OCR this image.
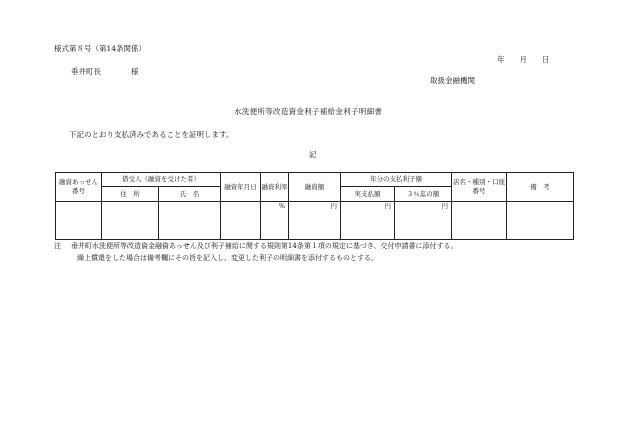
様式第８号（第14条関係）
年　　月　　日
垂井町長　　　　様
取扱金融機関
水洗便所等改造資金利子補給金利子明細書
下記のとおり支払済みであることを証明します。
記
融資あっせん番号	借受人（融資を受けた者）		融資年月日	融資利率	融資額	年分の支払利子額		店名・種別・口座番号	備　考
	住　所	氏　名				実支払額	３％迄の額		
				%	円	円	円		
注 垂井町水洗便所等改造資金融資あっせん及び利子補給に関する規則第14条第１項の規定に基づき、交付申請書に添付する。
繰上償還をした場合は備考欄にその旨を記入し、変更した利子の明細書を添付するものとする。
